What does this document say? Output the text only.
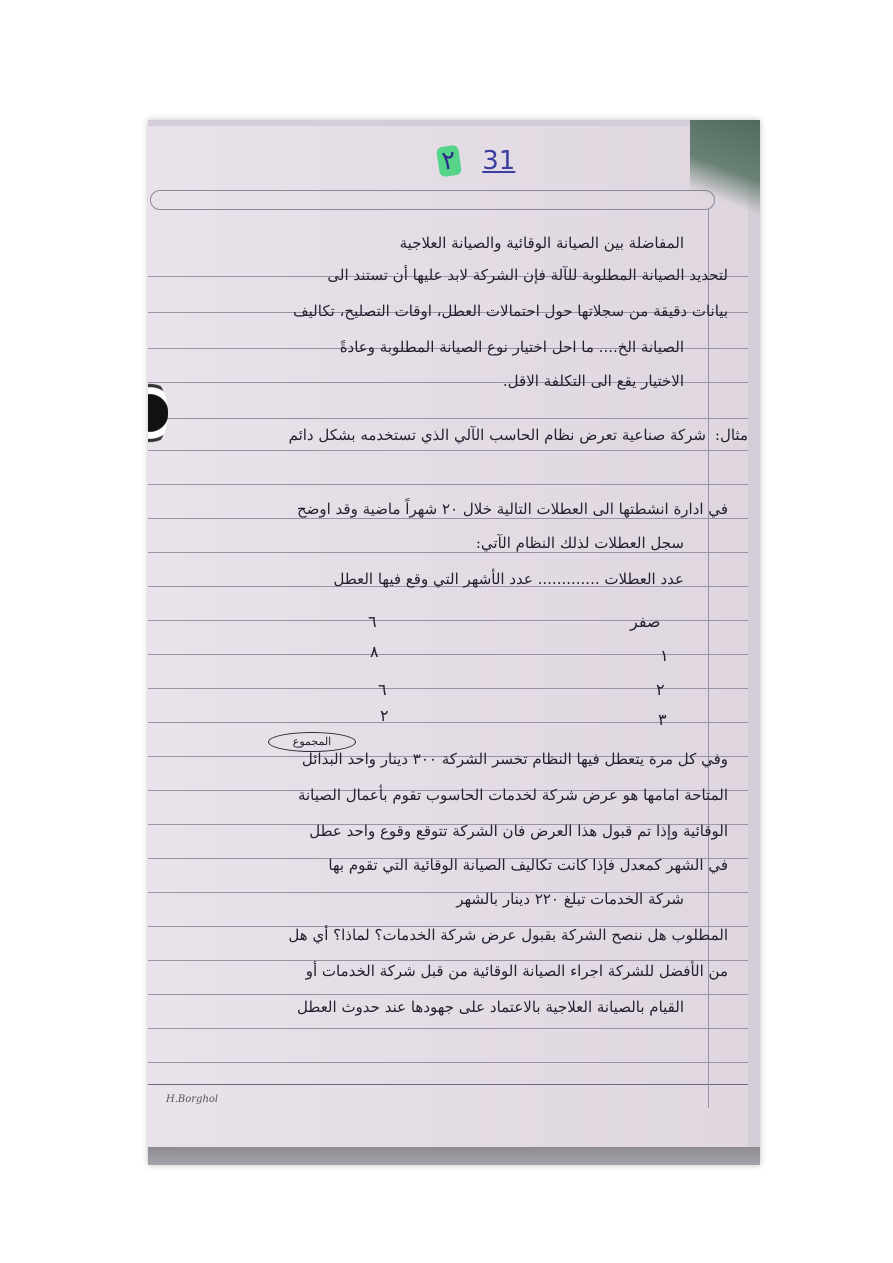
٢ 31
المفاضلة بين الصيانة الوقائية والصيانة العلاجية
لتحديد الصيانة المطلوبة للآلة فإن الشركة لابد عليها أن تستند الى
بيانات دقيقة من سجلاتها حول احتمالات العطل، اوقات التصليح، تكاليف
الصيانة الخ.... ما احل اختيار نوع الصيانة المطلوبة وعادةً
الاختيار يقع الى التكلفة الاقل.
مثال:
شركة صناعية تعرض نظام الحاسب الآلي الذي تستخدمه بشكل دائم
في ادارة انشطتها الى العطلات التالية خلال ٢٠ شهراً ماضية وقد اوضح
سجل العطلات لذلك النظام الآتي:
عدد العطلات ............. عدد الأشهر التي وقع فيها العطل
صفر
٦
١
٨
٢
٦
٣
٢
المجموع
وفي كل مرة يتعطل فيها النظام تخسر الشركة ٣٠٠ دينار واحد البدائل
المتاحة امامها هو عرض شركة لخدمات الحاسوب تقوم بأعمال الصيانة
الوقائية وإذا تم قبول هذا العرض فان الشركة تتوقع وقوع واحد عطل
في الشهر كمعدل فإذا كانت تكاليف الصيانة الوقائية التي تقوم بها
شركة الخدمات تبلغ ٢٢٠ دينار بالشهر
المطلوب هل ننصح الشركة بقبول عرض شركة الخدمات؟ لماذا؟ أي هل
من الأفضل للشركة اجراء الصيانة الوقائية من قبل شركة الخدمات أو
القيام بالصيانة العلاجية بالاعتماد على جهودها عند حدوث العطل
H.Borghol
